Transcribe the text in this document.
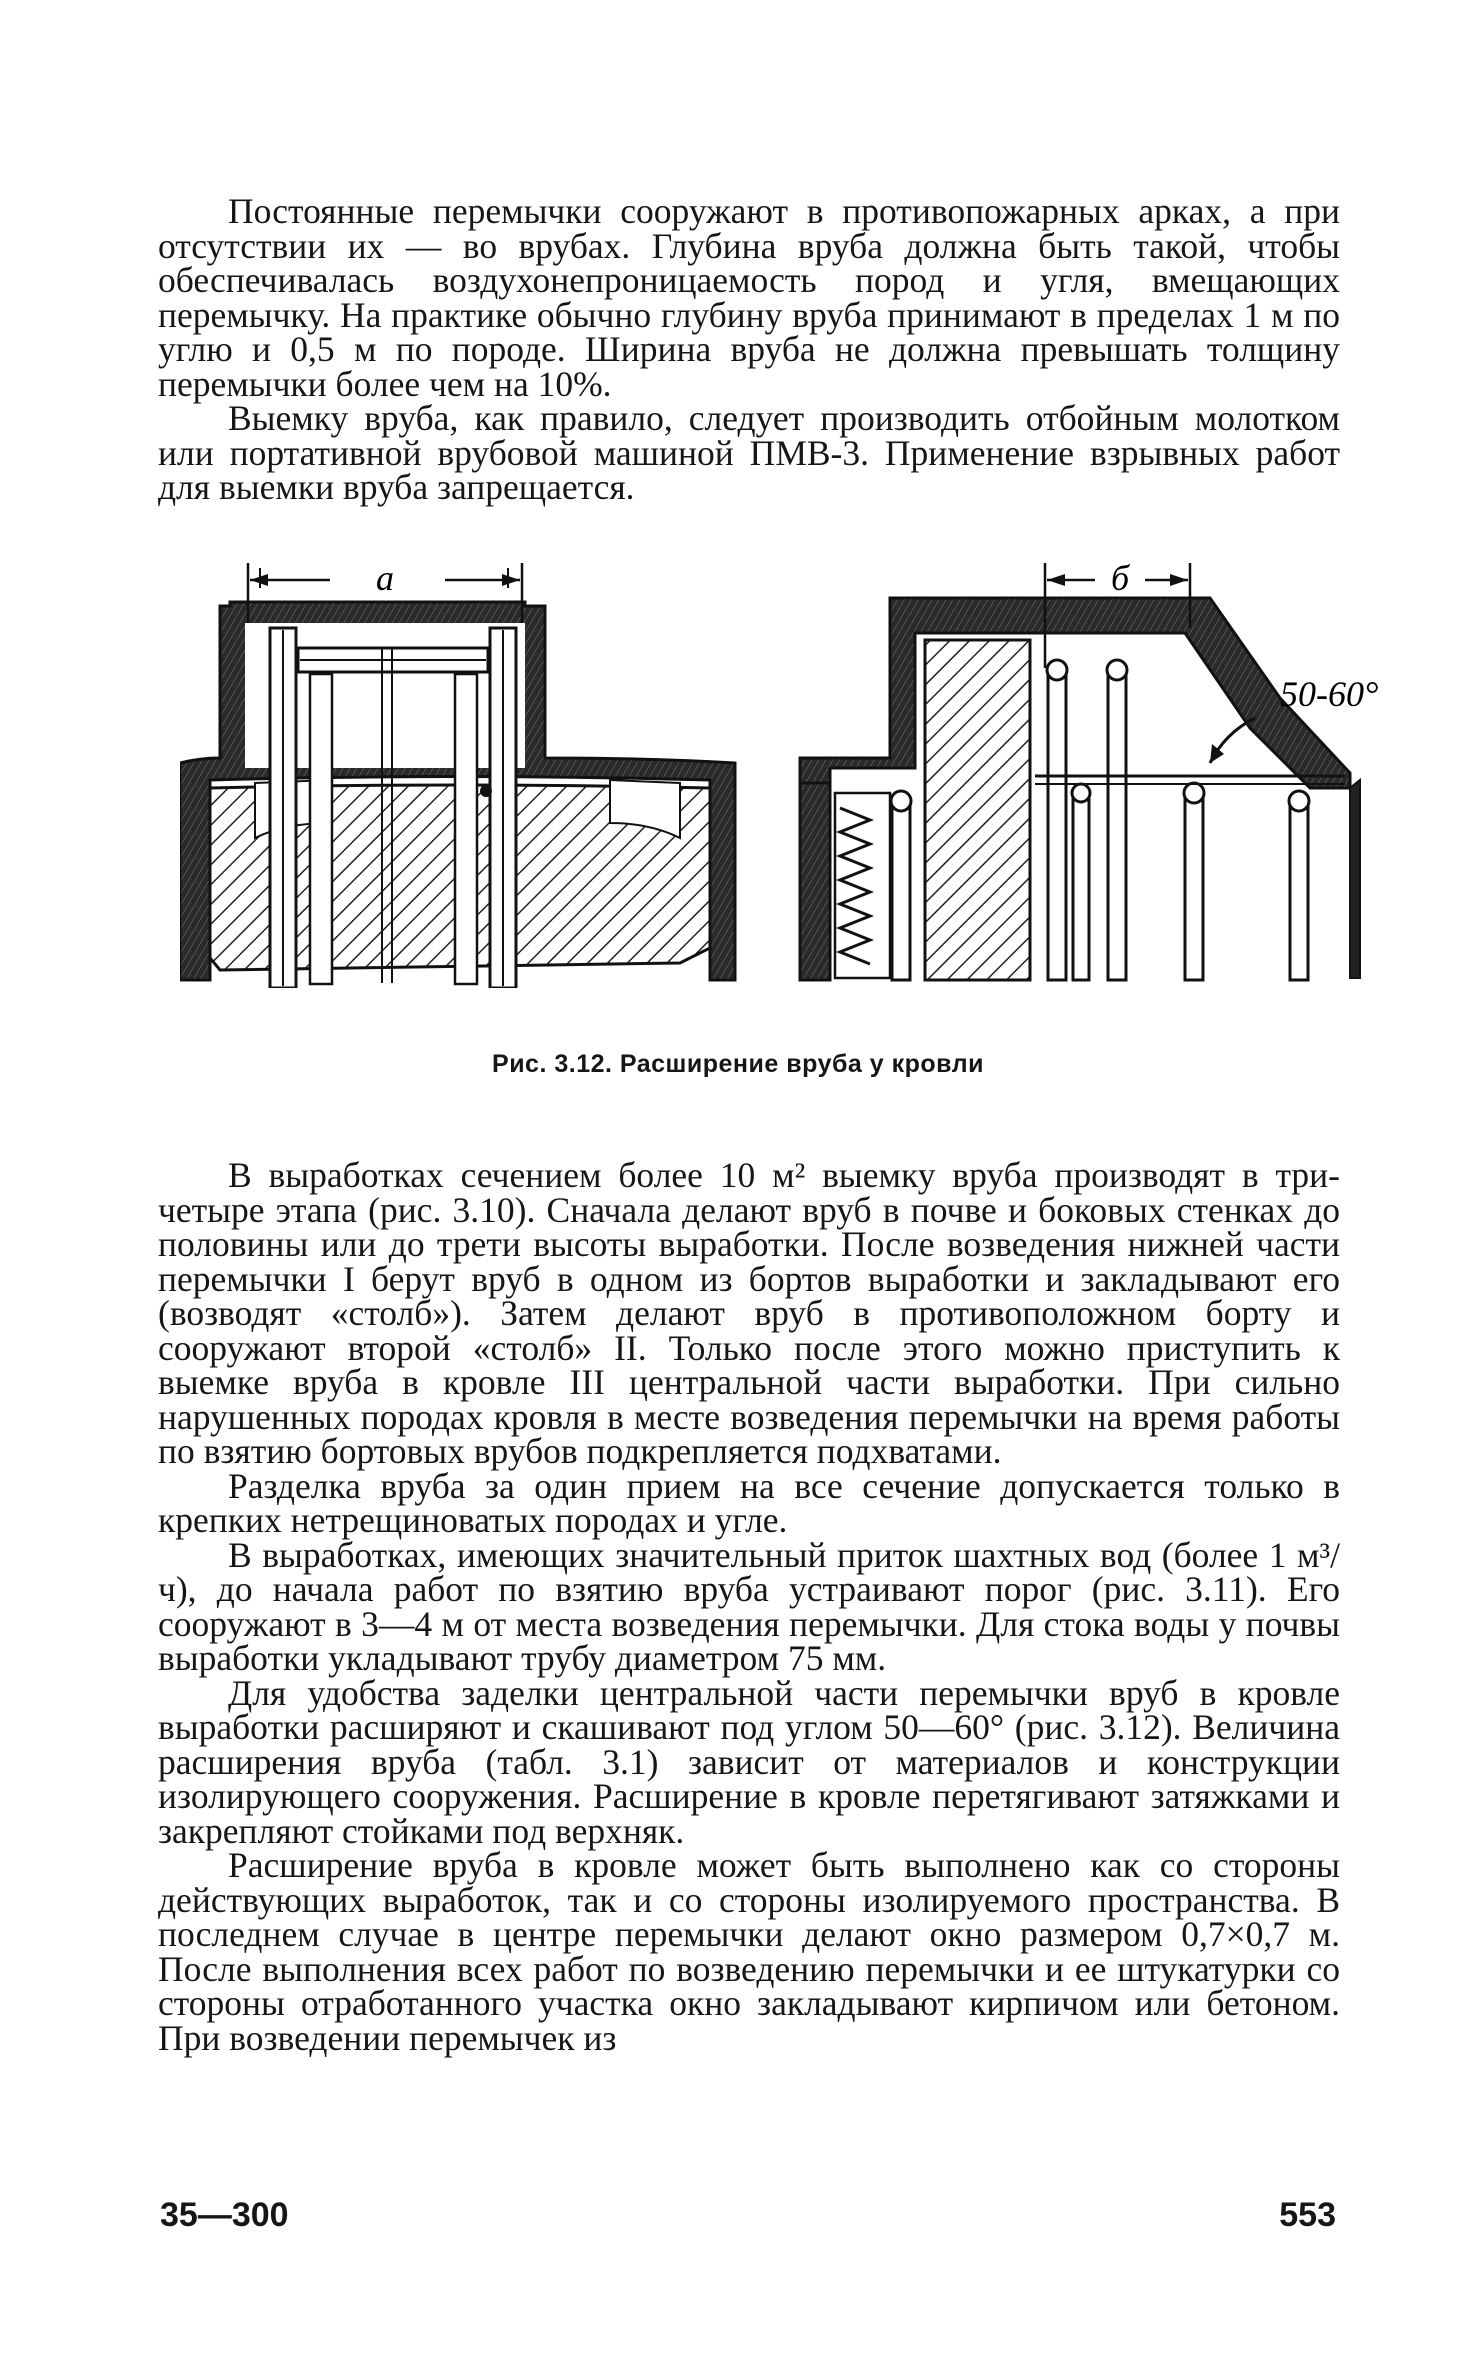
Постоянные перемычки сооружают в противопожарных арках, а при отсутствии их — во врубах. Глубина вруба должна быть такой, чтобы обеспечивалась воздухонепроницаемость пород и угля, вмещающих перемычку. На практике обычно глубину вруба принимают в пределах 1 м по углю и 0,5 м по породе. Ширина вруба не должна превышать толщину перемычки более чем на 10%.

Выемку вруба, как правило, следует производить отбойным молотком или портативной врубовой машиной ПМВ-3. Применение взрывных работ для выемки вруба запрещается.

а
50-60°
б
Рис. 3.12. Расширение вруба у кровли

В выработках сечением более 10 м² выемку вруба производят в три-четыре этапа (рис. 3.10). Сначала делают вруб в почве и боковых стенках до половины или до трети высоты выработки. После возведения нижней части перемычки I берут вруб в одном из бортов выработки и закладывают его (возводят «столб»). Затем делают вруб в противоположном борту и сооружают второй «столб» II. Только после этого можно приступить к выемке вруба в кровле III центральной части выработки. При сильно нарушенных породах кровля в месте возведения перемычки на время работы по взятию бортовых врубов подкрепляется подхватами.

Разделка вруба за один прием на все сечение допускается только в крепких нетрещиноватых породах и угле.

В выработках, имеющих значительный приток шахтных вод (более 1 м³/ч), до начала работ по взятию вруба устраивают порог (рис. 3.11). Его сооружают в 3—4 м от места возведения перемычки. Для стока воды у почвы выработки укладывают трубу диаметром 75 мм.

Для удобства заделки центральной части перемычки вруб в кровле выработки расширяют и скашивают под углом 50—60° (рис. 3.12). Величина расширения вруба (табл. 3.1) зависит от материалов и конструкции изолирующего сооружения. Расширение в кровле перетягивают затяжками и закрепляют стойками под верхняк.

Расширение вруба в кровле может быть выполнено как со стороны действующих выработок, так и со стороны изолируемого пространства. В последнем случае в центре перемычки делают окно размером 0,7×0,7 м. После выполнения всех работ по возведению перемычки и ее штукатурки со стороны отработанного участка окно закладывают кирпичом или бетоном. При возведении перемычек из

35—300	553
